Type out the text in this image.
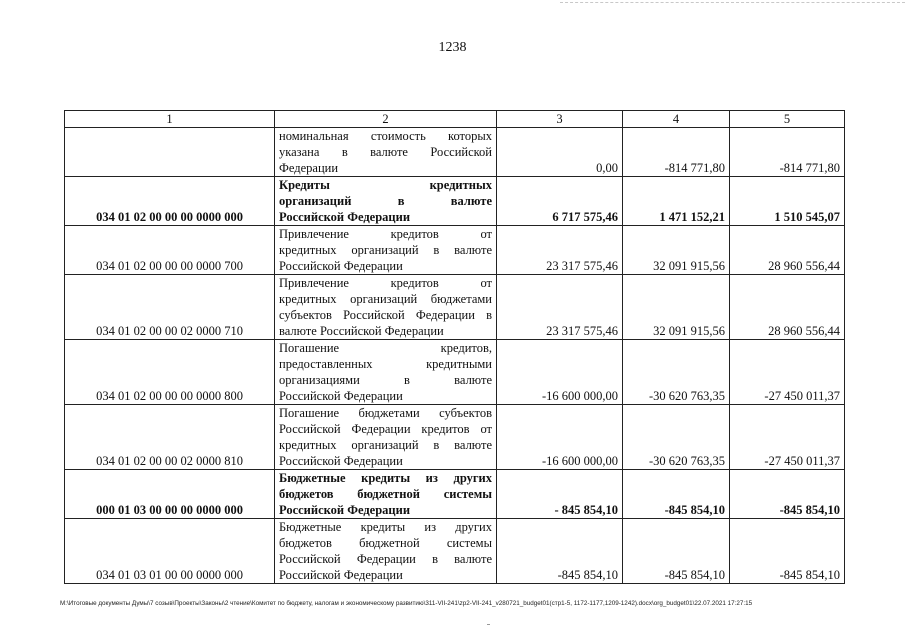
1238
1	2	3	4	5
	номинальная стоимость которых
указана в валюте Российской

Федерации	0,00	-814 771,80	-814 771,80
034 01 02 00 00 00 0000 000	Кредиты кредитных
организаций в валюте

Российской Федерации	6 717 575,46	1 471 152,21	1 510 545,07
034 01 02 00 00 00 0000 700	Привлечение кредитов от
кредитных организаций в валюте

Российской Федерации	23 317 575,46	32 091 915,56	28 960 556,44
034 01 02 00 00 02 0000 710	Привлечение кредитов от
кредитных организаций бюджетами
субъектов Российской Федерации в

валюте Российской Федерации	23 317 575,46	32 091 915,56	28 960 556,44
034 01 02 00 00 00 0000 800	Погашение кредитов,
предоставленных кредитными
организациями в валюте

Российской Федерации	-16 600 000,00	-30 620 763,35	-27 450 011,37
034 01 02 00 00 02 0000 810	Погашение бюджетами субъектов
Российской Федерации кредитов от
кредитных организаций в валюте

Российской Федерации	-16 600 000,00	-30 620 763,35	-27 450 011,37
000 01 03 00 00 00 0000 000	Бюджетные кредиты из других
бюджетов бюджетной системы

Российской Федерации	- 845 854,10	-845 854,10	-845 854,10
034 01 03 01 00 00 0000 000	Бюджетные кредиты из других
бюджетов бюджетной системы
Российской Федерации в валюте

Российской Федерации	-845 854,10	-845 854,10	-845 854,10
M:\Итоговые документы Думы\7 созыв\Проекты\Законы\2 чтение\Комитет по бюджету, налогам и экономическому развитию\311-VII-241\zp2-VII-241_v280721_budget01(стр1-5, 1172-1177,1209-1242).docx\org_budget01\22.07.2021 17:27:15
